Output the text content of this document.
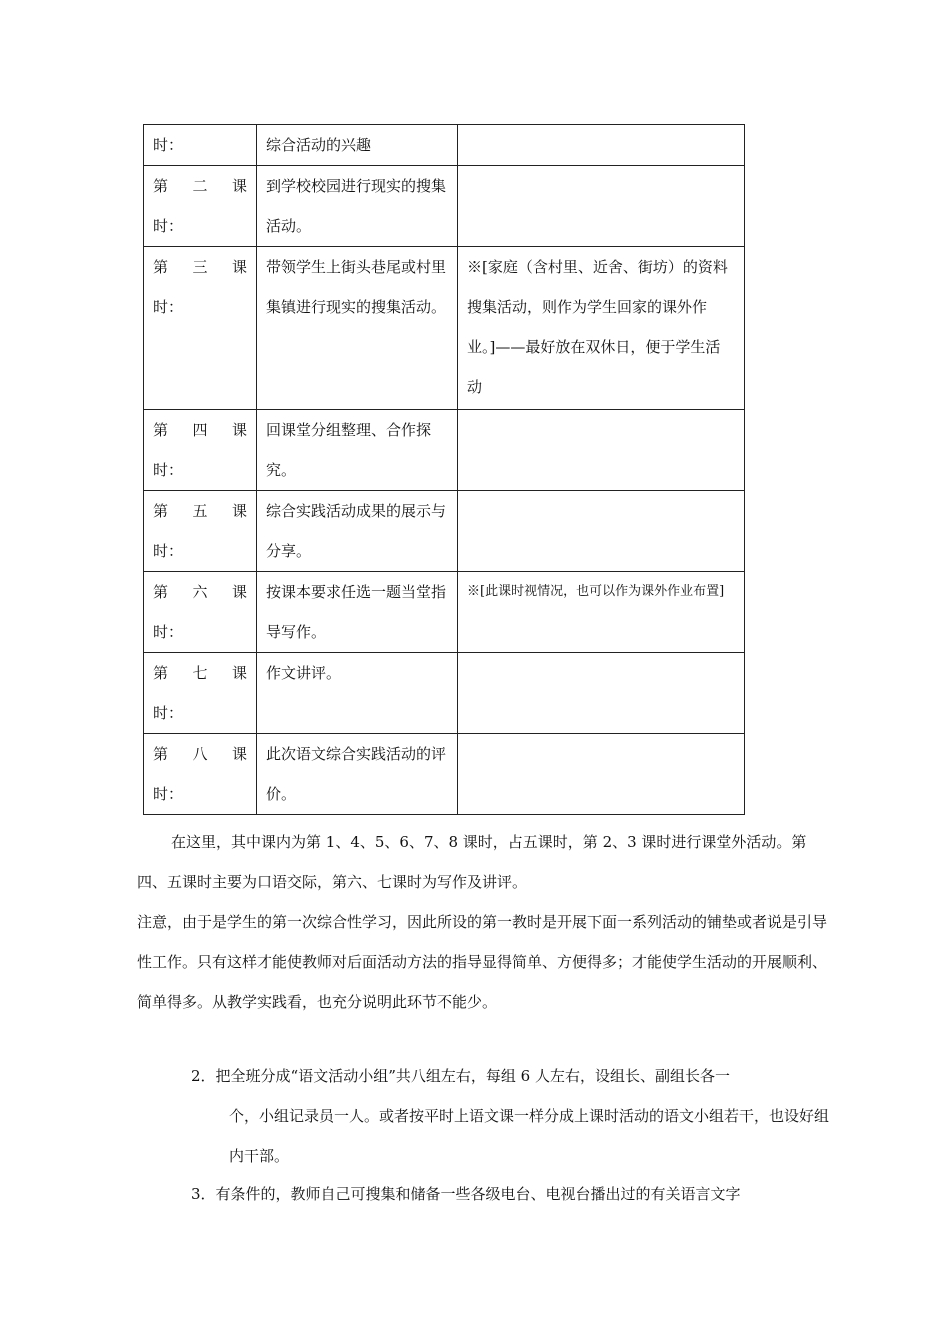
时：	综合活动的兴趣	

第　二　课
时：	到学校校园进行现实的搜集活动。	

第　三　课
时：	带领学生上街头巷尾或村里集镇进行现实的搜集活动。	※[家庭（含村里、近舍、街坊）的资料搜集活动，则作为学生回家的课外作业。]——最好放在双休日，便于学生活动

第　四　课
时：	回课堂分组整理、合作探究。	

第　五　课
时：	综合实践活动成果的展示与分享。	

第　六　课
时：	按课本要求任选一题当堂指导写作。	※[此课时视情况，也可以作为课外作业布置]

第　七　课
时：	作文讲评。	

第　八　课
时：	此次语文综合实践活动的评价。	

在这里，其中课内为第 1、4、5、6、7、8 课时，占五课时，第 2、3 课时进行课堂外活动。第四、五课时主要为口语交际，第六、七课时为写作及讲评。

注意，由于是学生的第一次综合性学习，因此所设的第一教时是开展下面一系列活动的铺垫或者说是引导性工作。只有这样才能使教师对后面活动方法的指导显得简单、方便得多；才能使学生活动的开展顺利、简单得多。从教学实践看，也充分说明此环节不能少。

2．把全班分成“语文活动小组”共八组左右，每组 6 人左右，设组长、副组长各一
个，小组记录员一人。或者按平时上语文课一样分成上课时活动的语文小组若干，也设好组内干部。

3．有条件的，教师自己可搜集和储备一些各级电台、电视台播出过的有关语言文字
